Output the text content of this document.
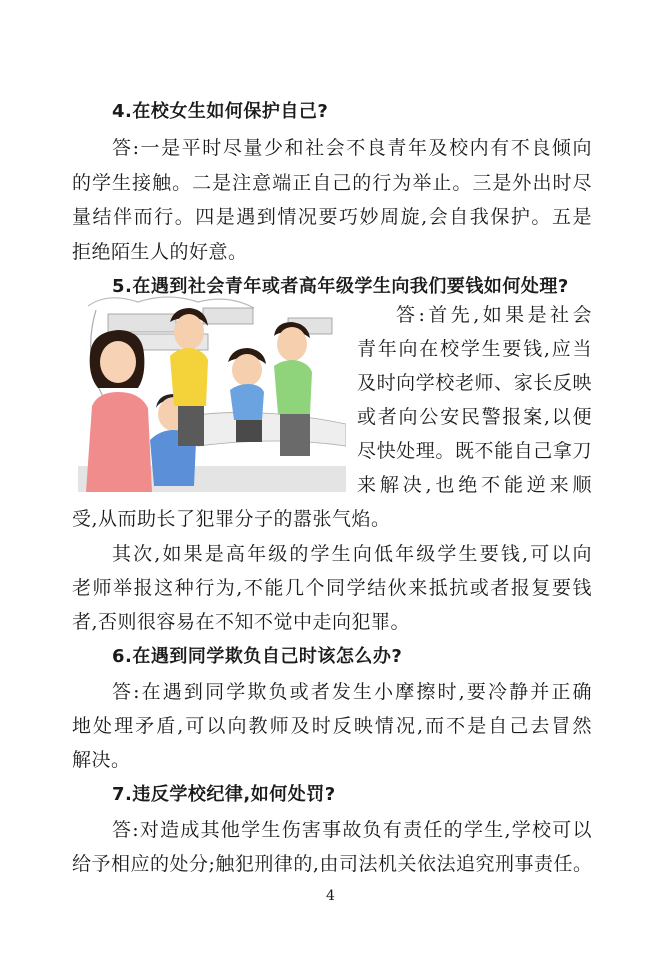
4.在校女生如何保护自己?
答:一是平时尽量少和社会不良青年及校内有不良倾向
的学生接触。二是注意端正自己的行为举止。三是外出时尽
量结伴而行。四是遇到情况要巧妙周旋,会自我保护。五是
拒绝陌生人的好意。
5.在遇到社会青年或者高年级学生向我们要钱如何处理?
答:首先,如果是社会
青年向在校学生要钱,应当
及时向学校老师、家长反映
或者向公安民警报案,以便
尽快处理。既不能自己拿刀
来解决,也绝不能逆来顺
受,从而助长了犯罪分子的嚣张气焰。
其次,如果是高年级的学生向低年级学生要钱,可以向
老师举报这种行为,不能几个同学结伙来抵抗或者报复要钱
者,否则很容易在不知不觉中走向犯罪。
6.在遇到同学欺负自己时该怎么办?
答:在遇到同学欺负或者发生小摩擦时,要冷静并正确
地处理矛盾,可以向教师及时反映情况,而不是自己去冒然
解决。
7.违反学校纪律,如何处罚?
答:对造成其他学生伤害事故负有责任的学生,学校可以
给予相应的处分;触犯刑律的,由司法机关依法追究刑事责任。
4
